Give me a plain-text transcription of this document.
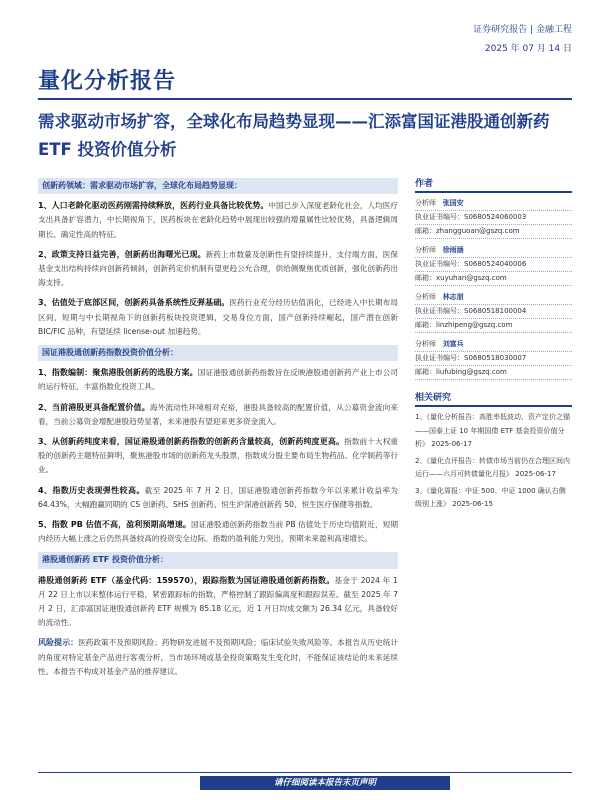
证券研究报告 | 金融工程
2025 年 07 月 14 日
量化分析报告
需求驱动市场扩容，全球化布局趋势显现——汇添富国证港股通创新药 ETF 投资价值分析
创新药领域：需求驱动市场扩容，全球化布局趋势显现：
1、人口老龄化驱动医药刚需持续释放，医药行业具备比较优势。中国已步入深度老龄化社会，人均医疗支出具备扩容潜力，中长期视角下，医药板块在老龄化趋势中展现出较强的增量属性比较优势，具备逻辑周期长、确定性高的特征。
2、政策支持日益完善，创新药出海曙光已现。新药上市数量及创新性有望持续提升，支付端方面，医保基金支出结构持续向创新药倾斜，创新药定价机制有望更趋公允合理，供给侧聚焦优质创新，强化创新药出海支持。
3、估值处于底部区间，创新药具备系统性反弹基础。医药行业充分经历估值消化，已经进入中长期布局区间，短期与中长期视角下的创新药板块投资逻辑，交易身位方面，国产创新持续崛起，国产潜在创新 BIC/FIC 品种，有望延续 license-out 加速趋势。
国证港股通创新药指数投资价值分析：
1、指数编制：聚焦港股创新药的选股方案。国证港股通创新药指数旨在反映港股通创新药产业上市公司的运行特征，丰富指数化投资工具。
2、当前港股更具备配置价值。海外流动性环境相对充裕，港股具备较高的配置价值，从公募资金流向来看，当前公募资金增配港股趋势显著，未来港股有望迎来更多资金流入。
3、从创新药纯度来看，国证港股通创新药指数的创新药含量较高，创新药纯度更高。指数前十大权重股的创新药主题特征鲜明，聚焦港股市场的创新药龙头股票，指数成分股主要布局生物药品、化学制药等行业。
4、指数历史表现弹性较高。截至 2025 年 7 月 2 日，国证港股通创新药指数今年以来累计收益率为 64.43%，大幅跑赢同期的 CS 创新药、SHS 创新药、恒生沪深港创新药 50、恒生医疗保健等指数。
5、指数 PB 估值不高，盈利预期高增速。国证港股通创新药指数当前 PB 估值处于历史均值附近，短期内经历大幅上涨之后仍然具备较高的投资安全边际。指数的盈利能力突出，预期未来盈利高速增长。
港股通创新药 ETF 投资价值分析：
港股通创新药 ETF（基金代码：159570），跟踪指数为国证港股通创新药指数。基金于 2024 年 1 月 22 日上市以来整体运行平稳，紧密跟踪标的指数，严格控制了跟踪偏离度和跟踪误差。截至 2025 年 7 月 2 日，汇添富国证港股通创新药 ETF 规模为 85.18 亿元，近 1 月日均成交额为 26.34 亿元，具备较好的流动性。
风险提示：医药政策不及预期风险；药物研发进展不及预期风险；临床试验失败风险等。本报告从历史统计的角度对特定基金产品进行客观分析，当市场环境或基金投资策略发生变化时，不能保证该结论的未来延续性。本报告不构成对基金产品的推荐建议。
作者
分析师 张国安
执业证书编号：S0680524060003
邮箱：zhangguoan@gszq.com
分析师 徐雨涵
执业证书编号：S0680524040006
邮箱：xuyuhan@gszq.com
分析师 林志朋
执业证书编号：S0680518100004
邮箱：linzhipeng@gszq.com
分析师 刘富兵
执业证书编号：S0680518030007
邮箱：liufubing@gszq.com
相关研究
1、《量化分析报告：高胜率低波动、资产定价之锚——国泰上证 10 年期国债 ETF 基金投资价值分析》 2025-06-17
2、《量化点评报告：转债市场当前仍在合理区间内运行——六月可转债量化月报》 2025-06-17
3、《量化周报：中证 500、中证 1000 确认右侧级别上涨》 2025-06-15
请仔细阅读本报告末页声明
